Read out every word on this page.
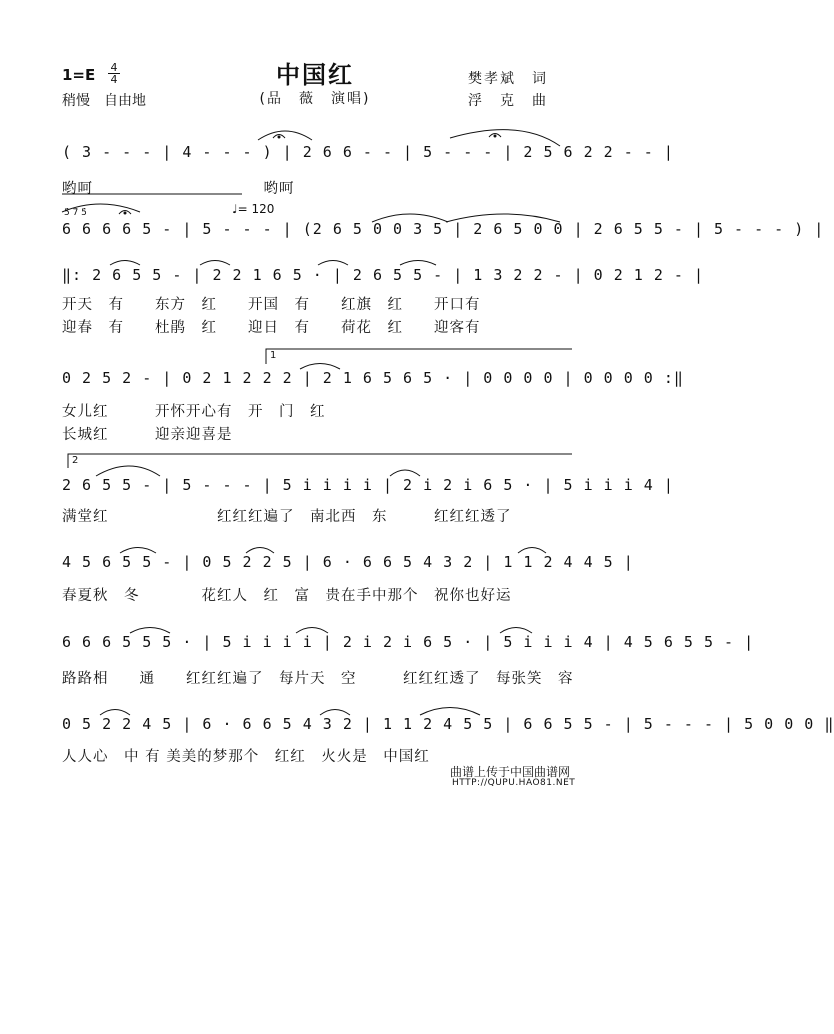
中国红
(品　薇　演唱)
1=E 4
4
稍慢　自由地
樊孝斌　词
浮　克　曲
♩= 120
( 3 - - - | 4 - - - ) | 2 6 6 - - | 5 - - - | 2 5 6 2 2 - - |
哟呵　　　　　　　　　　　哟呵
6 6 6 6 5 - | 5 - - - | (2 6 5 0 0 3 5 | 2 6 5 0 0 | 2 6 5 5 - | 5 - - - ) |
‖: 2 6 5 5 - | 2 2 1 6 5 · | 2 6 5 5 - | 1 3 2 2 - | 0 2 1 2 - |
开天　有　　东方　红　　开国　有　　红旗　红　　开口有
迎春　有　　杜鹃　红　　迎日　有　　荷花　红　　迎客有
0 2 5 2 - | 0 2 1 2 2 2 | 2 1 6 5 6 5 · | 0 0 0 0 | 0 0 0 0 :‖
女儿红　　　开怀开心有　开　门　红
长城红　　　迎亲迎喜是
2 6 5 5 - | 5 - - - | 5 i i i i | 2 i 2 i 6 5 · | 5 i i i 4 |
满堂红　　　　　　　红红红遍了　南北西　东　　　红红红透了
4 5 6 5 5 - | 0 5 2 2 5 | 6 · 6 6 5 4 3 2 | 1 1 2 4 4 5 |
春夏秋　冬　　　　花红人　红　富　贵在手中那个　祝你也好运
6 6 6 5 5 5 · | 5 i i i i | 2 i 2 i 6 5 · | 5 i i i 4 | 4 5 6 5 5 - |
路路相　　通　　红红红遍了　每片天　空　　　红红红透了　每张笑　容
0 5 2 2 4 5 | 6 · 6 6 5 4 3 2 | 1 1 2 4 5 5 | 6 6 5 5 - | 5 - - - | 5 0 0 0 ‖
人人心　中 有 美美的梦那个　红红　火火是　中国红
1
2
5̇ 7̇ 5̇
曲谱上传于中国曲谱网
HTTP://QUPU.HAO81.NET
